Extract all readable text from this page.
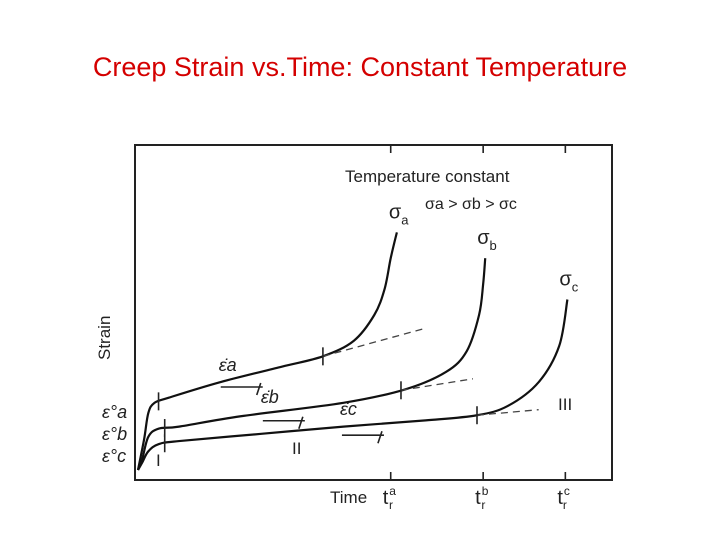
Creep Strain vs.Time: Constant Temperature
$t^a$ r	$t^b$ r	$t^c$ r
$\sigma_a$
ε̇a
ε°a
$\sigma_b$
ε̇b
ε°b
$\sigma_c$
ε̇c
ε°c
Time
Strain
Temperature constant
σa > σb > σc
I
II
III
